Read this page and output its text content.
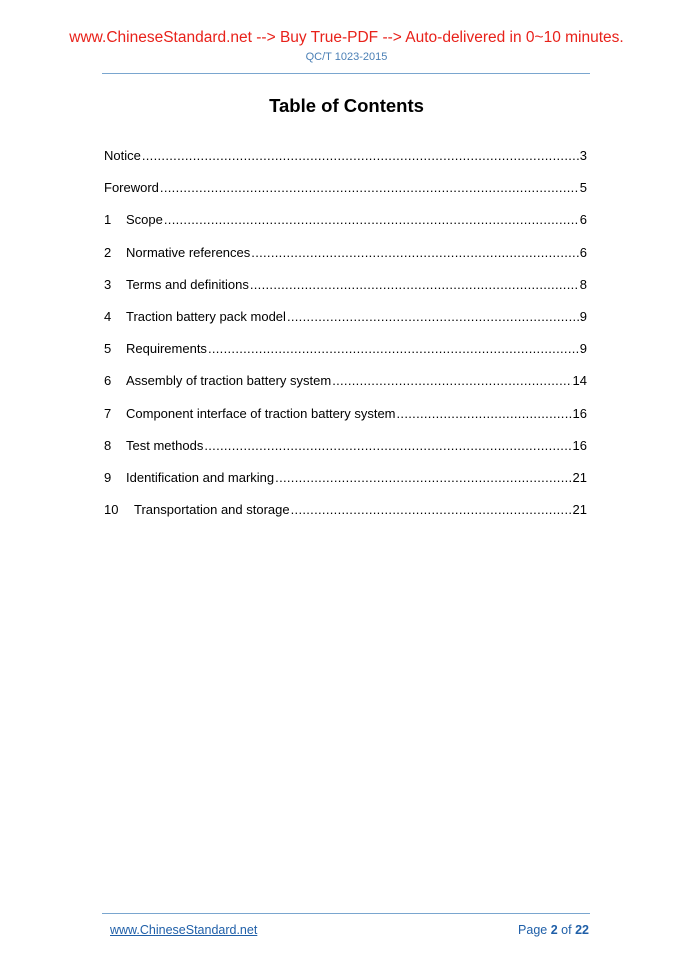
www.ChineseStandard.net --> Buy True-PDF --> Auto-delivered in 0~10 minutes.
QC/T 1023-2015
Table of Contents
Notice .....	3
Foreword .....	5
1	Scope .....	6
2	Normative references .....	6
3	Terms and definitions .....	8
4	Traction battery pack model .....	9
5	Requirements .....	9
6	Assembly of traction battery system .....	14
7	Component interface of traction battery system .....	16
8	Test methods .....	16
9	Identification and marking .....	21
10	Transportation and storage .....	21
www.ChineseStandard.net	Page 2 of 22
